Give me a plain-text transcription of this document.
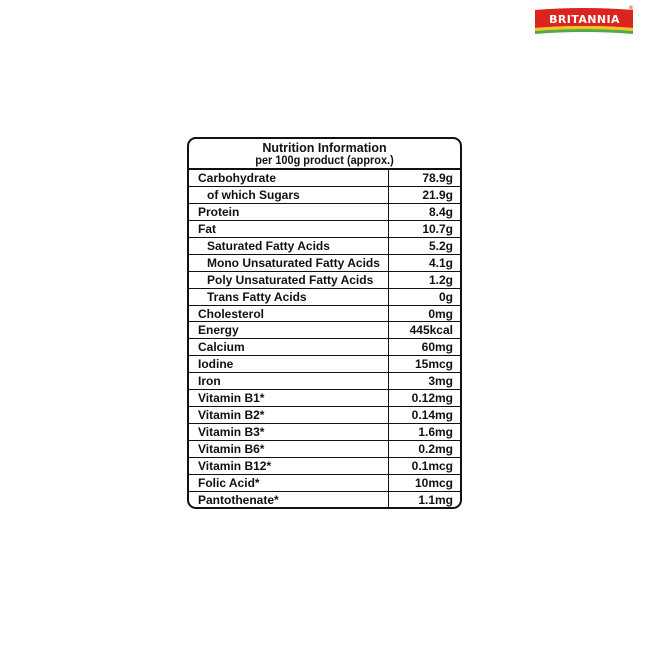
BRITANNIA
®
Nutrition Information
per 100g product (approx.)
Carbohydrate	78.9g
of which Sugars	21.9g
Protein	8.4g
Fat	10.7g
Saturated Fatty Acids	5.2g
Mono Unsaturated Fatty Acids	4.1g
Poly Unsaturated Fatty Acids	1.2g
Trans Fatty Acids	0g
Cholesterol	0mg
Energy	445kcal
Calcium	60mg
Iodine	15mcg
Iron	3mg
Vitamin B1*	0.12mg
Vitamin B2*	0.14mg
Vitamin B3*	1.6mg
Vitamin B6*	0.2mg
Vitamin B12*	0.1mcg
Folic Acid*	10mcg
Pantothenate*	1.1mg
